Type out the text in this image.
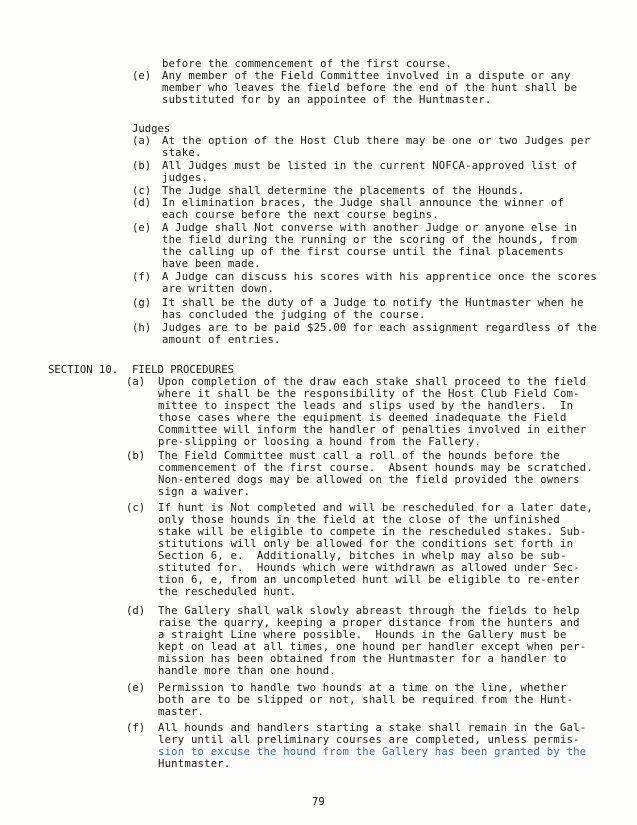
before the commencement of the first course.
(e) Any member of the Field Committee involved in a dispute or any
member who leaves the field before the end of the hunt shall be
substituted for by an appointee of the Huntmaster.
Judges
(a) At the option of the Host Club there may be one or two Judges per
stake.
(b) All Judges must be listed in the current NOFCA-approved list of
judges.
(c) The Judge shall determine the placements of the Hounds.
(d) In elimination braces, the Judge shall announce the winner of
each course before the next course begins.
(e) A Judge shall Not converse with another Judge or anyone else in
the field during the running or the scoring of the hounds, from
the calling up of the first course until the final placements
have been made.
(f) A Judge can discuss his scores with his apprentice once the scores
are written down.
(g) It shall be the duty of a Judge to notify the Huntmaster when he
has concluded the judging of the course.
(h) Judges are to be paid $25.00 for each assignment regardless of the
amount of entries.
SECTION 10. FIELD PROCEDURES
(a) Upon completion of the draw each stake shall proceed to the field
where it shall be the responsibility of the Host Club Field Com-
mittee to inspect the leads and slips used by the handlers.  In
those cases where the equipment is deemed inadequate the Field
Committee will inform the handler of penalties involved in either
pre-slipping or loosing a hound from the Fallery.
(b) The Field Committee must call a roll of the hounds before the
commencement of the first course.  Absent hounds may be scratched.
Non-entered dogs may be allowed on the field provided the owners
sign a waiver.
(c) If hunt is Not completed and will be rescheduled for a later date,
only those hounds in the field at the close of the unfinished
stake will be eligible to compete in the rescheduled stakes. Sub-
stitutions will only be allowed for the conditions set forth in
Section 6, e.  Additionally, bitches in whelp may also be sub-
stituted for.  Hounds which were withdrawn as allowed under Sec-
tion 6, e, from an uncompleted hunt will be eligible to re-enter
the rescheduled hunt.
(d) The Gallery shall walk slowly abreast through the fields to help
raise the quarry, keeping a proper distance from the hunters and
a straight Line where possible.  Hounds in the Gallery must be
kept on lead at all times, one hound per handler except when per-
mission has been obtained from the Huntmaster for a handler to
handle more than one hound.
(e) Permission to handle two hounds at a time on the line, whether
both are to be slipped or not, shall be required from the Hunt-
master.
(f) All hounds and handlers starting a stake shall remain in the Gal-
lery until all preliminary courses are completed, unless permis-
sion to excuse the hound from the Gallery has been granted by the
Huntmaster.
79
